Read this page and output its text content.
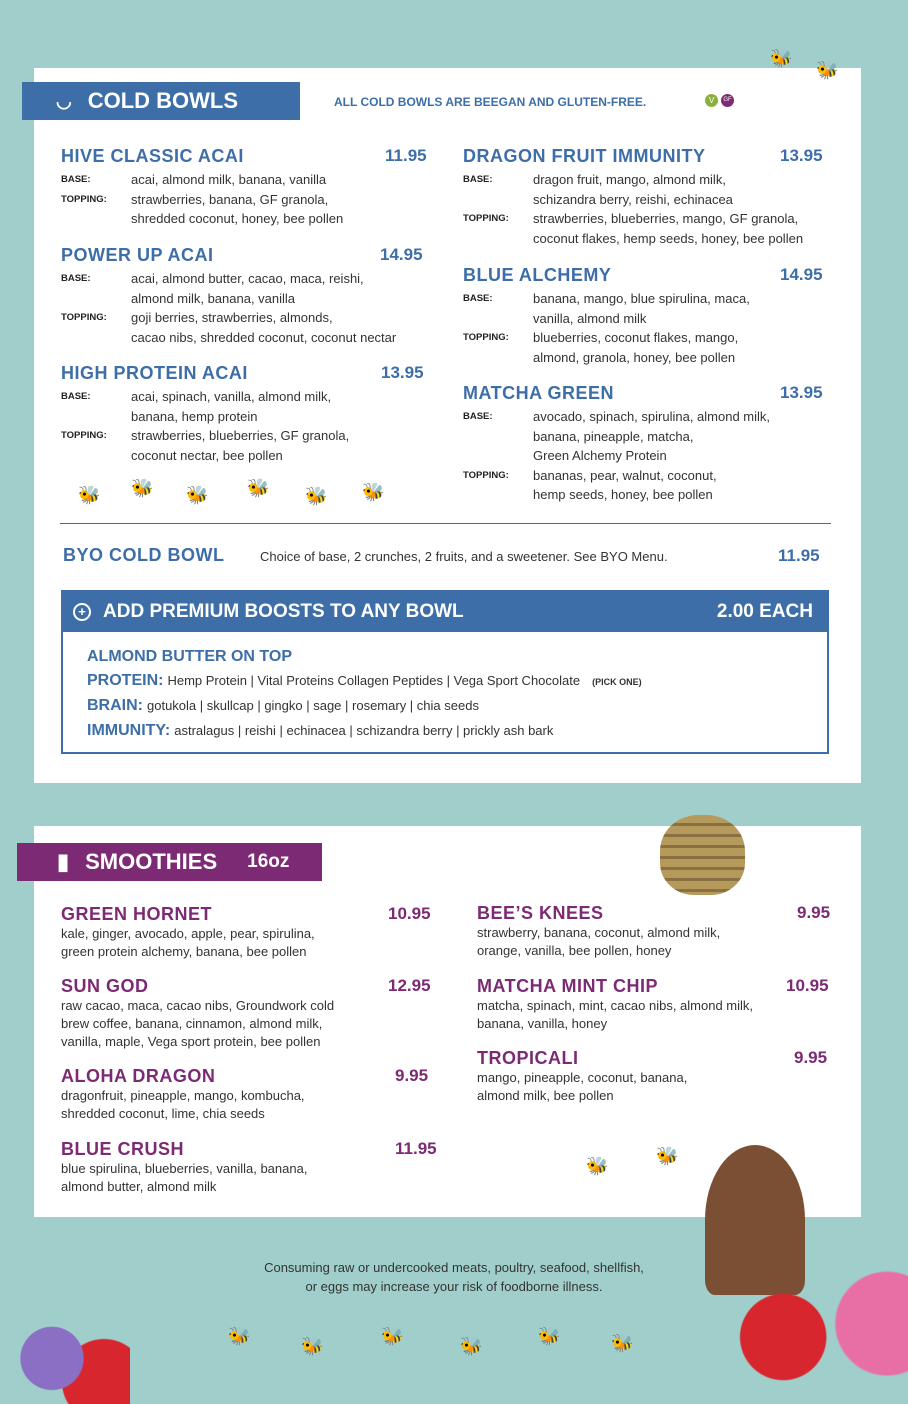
◡ COLD BOWLS	ALL COLD BOWLS ARE BEEGAN AND GLUTEN-FREE.	V	GF
BYO COLD BOWL	Choice of base, 2 crunches, 2 fruits, and a sweetener. See BYO Menu.	11.95
+ ADD PREMIUM BOOSTS TO ANY BOWL	2.00 EACH
ALMOND BUTTER ON TOP
PROTEIN: Hemp Protein | Vital Proteins Collagen Peptides | Vega Sport Chocolate (PICK ONE)
BRAIN: gotukola | skullcap | gingko | sage | rosemary | chia seeds
IMMUNITY: astralagus | reishi | echinacea | schizandra berry | prickly ash bark
▮ SMOOTHIES 16oz
Consuming raw or undercooked meats, poultry, seafood, shellfish,
or eggs may increase your risk of foodborne illness.
HIVE CLASSIC ACAI	11.95
BASE:	acai, almond milk, banana, vanilla
TOPPING: strawberries, banana, GF granola,
shredded coconut, honey, bee pollen
POWER UP ACAI	14.95
BASE:	acai, almond butter, cacao, maca, reishi,
almond milk, banana, vanilla
TOPPING: goji berries, strawberries, almonds,
cacao nibs, shredded coconut, coconut nectar
HIGH PROTEIN ACAI	13.95
BASE:	acai, spinach, vanilla, almond milk,
banana, hemp protein
TOPPING: strawberries, blueberries, GF granola,
coconut nectar, bee pollen
DRAGON FRUIT IMMUNITY	13.95
BASE:	dragon fruit, mango, almond milk,
schizandra berry, reishi, echinacea
TOPPING: strawberries, blueberries, mango, GF granola,
coconut flakes, hemp seeds, honey, bee pollen
BLUE ALCHEMY	14.95
BASE:	banana, mango, blue spirulina, maca,
vanilla, almond milk
TOPPING: blueberries, coconut flakes, mango,
almond, granola, honey, bee pollen
MATCHA GREEN	13.95
BASE:	avocado, spinach, spirulina, almond milk,
banana, pineapple, matcha,
Green Alchemy Protein
TOPPING: bananas, pear, walnut, coconut,
hemp seeds, honey, bee pollen
GREEN HORNET	10.95
kale, ginger, avocado, apple, pear, spirulina,
green protein alchemy, banana, bee pollen
SUN GOD	12.95
raw cacao, maca, cacao nibs, Groundwork cold
brew coffee, banana, cinnamon, almond milk,
vanilla, maple, Vega sport protein, bee pollen
ALOHA DRAGON	9.95
dragonfruit, pineapple, mango, kombucha,
shredded coconut, lime, chia seeds
BLUE CRUSH	11.95
blue spirulina, blueberries, vanilla, banana,
almond butter, almond milk
BEE’S KNEES	9.95
strawberry, banana, coconut, almond milk,
orange, vanilla, bee pollen, honey
MATCHA MINT CHIP	10.95
matcha, spinach, mint, cacao nibs, almond milk,
banana, vanilla, honey
TROPICALI	9.95
mango, pineapple, coconut, banana,
almond milk, bee pollen
🐝
🐝
🐝 🐝 🐝 🐝 🐝 🐝
🐝	🐝
🐝	🐝	🐝	🐝	🐝	🐝
